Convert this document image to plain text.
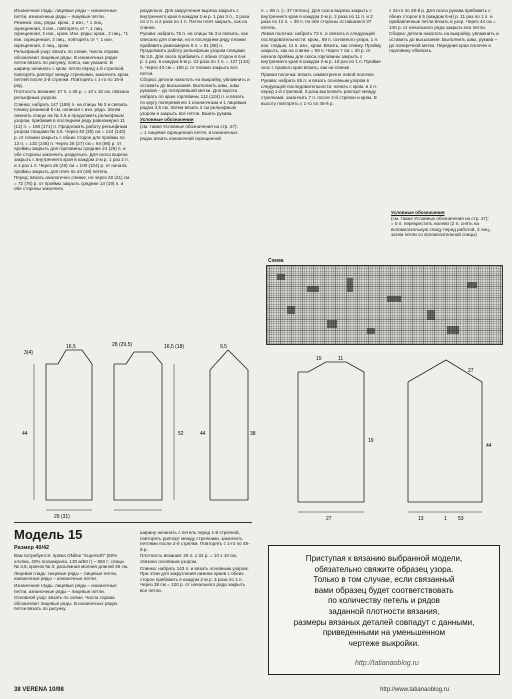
Изнаночная гладь: лицевые ряды – изнаночные петли, изнаночные ряды – лицевые петли.

Резинка: лиц. ряды: кром., 2 изн., * 1 лиц. скрещенная, 3 изн., повторять от *, 1 лиц. скрещенная, 2 изн., кром. Изн. ряды: кром., 2 лиц., *1 изн. скрещенная, 3 лиц., повторять от *, 1 изн. скрещенная, 2 лиц., кром.

Рельефный узор: вязать по схеме. Числа справа обозначают лицевые ряды. В изнаночных рядах петли вязать по рисунку, пояса, как указано. В ширину начинать с кром. петли перед 1-й стрелкой, повторять раппорт между стрелками, закончить кром. петлей после 2-й стрелки. Повторять с 1-го по 16-й ряд.

Плотность вязания: 27 п. х 36 р. = 10 х 10 см, связано рельефным узором.

Спинка: набрать 147 (159) п. на спицы № 3 и связать планку резинкой 6 см, начиная с изн. ряда. Затем сменить спицы на № 3,5 и продолжить рельефным узором, прибавив в последнем ряду равномерно 11 (12) п. = 158 (171) п. Продолжить работу рельефным узором спицами № 3,5. Через 40 (39) см = 144 (140) р. от планки закрыть с обеих сторон для проймы по 13 п. = 132 (145) п. Через 26 (27) см = 94 (98) р. от проймы закрыть для горловины средние 24 (29) п. и обе стороны закончить раздельно. Для скоса выреза закрыть с внутреннего края в каждом 2-м р. 1 раз 2 п. и 1 раз 1 п. Через 28 (29) см = 100 (104) р. от начала проймы закрыть для плеч по 44 (48) петель.

Перед: вязать аналогично спинке, но через 20 (21) см = 72 (76) р. от проймы закрыть средние 14 (19) п. и обе стороны закончить

раздельно. Для закругления выреза закрыть с внутреннего края в каждом 2-м р. 1 раз 3 п., 2 раза по 2 п. и 2 раза по 1 п. Петли плеч закрыть, как на спинке.

Рукава: набрать 75 п. на спицы № 3 и связать, как описано для спинки, но в последнем ряду планки прибавить равномерно 6 п. = 81 (88) п. Продолжить работу рельефным узором спицами № 3,5. Для скоса прибавить с обеих сторон в 6-м р. 1 раз, в каждом 6-м р. 22 раза по 1 п. = 127 (134) п. Через 43 см = 156 р. от планки закрыть все петли.

Сборка: детали наколоть на выкройку, увлажнить и оставить до высыхания. Выполнить швы, швы рукавов – до потерпевшей метки. Для ворота набрать по краю горловины 112 (124) п. и вязать по кругу попеременно 1 изнаночным и 1 лицевым рядом 3,5 см. Затем вязать 2 см рельефным узором и закрыть все петли. Вшить рукава.

Условные обозначения

(см. также Условные обозначения на стр. 27):

= 1 лицевая скрещенная петля, в изнаночных рядах вязать изнаночной скрещенной

п. = 85 п. (= 37 петель). Для скоса выреза закрыть с внутреннего края в каждом 2-м р. 2 раза по 11 п. и 2 раза по 12 п. = 39 п. по обе стороны оставшиеся 37 петель.

Левая полочка: набрать 73 п. и связать в следующей последовательности: кром., 69 п. основного узора, 1 п. изн. гладью, 11 п. изн., кром. Вязать, как спинку. Пройму закрыть, как на спинке = 59 п. Через 7 см = 20 р. от начала проймы для скоса горловины закрыть с внутреннего края в каждом 2-м р. 10 раз по 1 п. Пройме скос с правого края вязать, как на спинке.

Правая полочка: вязать симметрично левой полочке.

Рукава: набрать 65 п. и вязать основным узором в следующей последовательности: начать с кром. и 2 п. перед 1-й стрелкой, 3 раза выполнить раппорт между стрелками, закончить 7 п. после 2-й стрелки и кром. В высоту повторять с 1-го по 48-й р.

с 43-го по 48-й р. Для скоса рукава прибавить с обеих сторон в 5 (каждом 6-м) р. 11 раз по 1 п. и прибавленные петли вязать в узор. Через 44 см = 140 р. от начального ряда закрыть все петли.

Сборка: детали наколоть на выкройку, увлажнить и оставить до высыхания. Выполнить швы, рукава – до поперечной метки. Передние края полочек и горловину обвязать.

Условные обозначения

(см. также Условные обозначения на стр. 27):

= 5 п. перекрестить налево (2 п. снять на вспомогательную спицу перед работой, 3 лиц., затем петли со вспомогательной спицы)

Схема
3(4)
28 (29,5)	16,5 (18)
16,5
44	52
29 (31)
9,5
44	38
15	11
27
27
19
44
13	1 53
Модель 15
Размер 40/42

Вам потребуется: пряжа ONline "Supersoft" (60% хлопка, 40% полиакрила, 130 м/50 г) – 650 г; спицы № 3,5; крючок № 3; разъемная молния длиной 45 см.

Лицевая гладь: лицевые ряды – лицевые петли, изнаночные ряды – изнаночные петли.

Изнаночная гладь: лицевые ряды – изнаночные петли, изнаночные ряды – лицевые петли.

Основной узор: вязать по схеме. Числа справа обозначают лицевые ряды. В изнаночных рядах петли вязать по рисунку.

ширину начинать с петель перед 1-й стрелкой, повторять раппорт между стрелками, закончить петлями после 2-й стрелки. Повторять с 1-го по 48-й р.

Плотность вязания: 26 п. х 32 р. = 10 х 10 см, связано основным узором.

Спинка: набрать 143 п. и вязать основным узором. При этом для закругления нижних краев с обеих сторон прибавить в каждом 2-м р. 3 раза по 1 п. Через 38 см = 120 р. от начального ряда закрыть все петли.

Приступая к вязанию выбранной модели,
обязательно свяжите образец узора.
Только в том случае, если связанный
вами образец будет соответствовать
по количеству петель и рядов
заданной плотности вязания,
размеры вязаных деталей совпадут с данными,
приведенными на уменьшенном
чертеже выкройки.
http://tatianaoblog.ru
38 VERENA 10/98	http://www.tatianaoblog.ru
